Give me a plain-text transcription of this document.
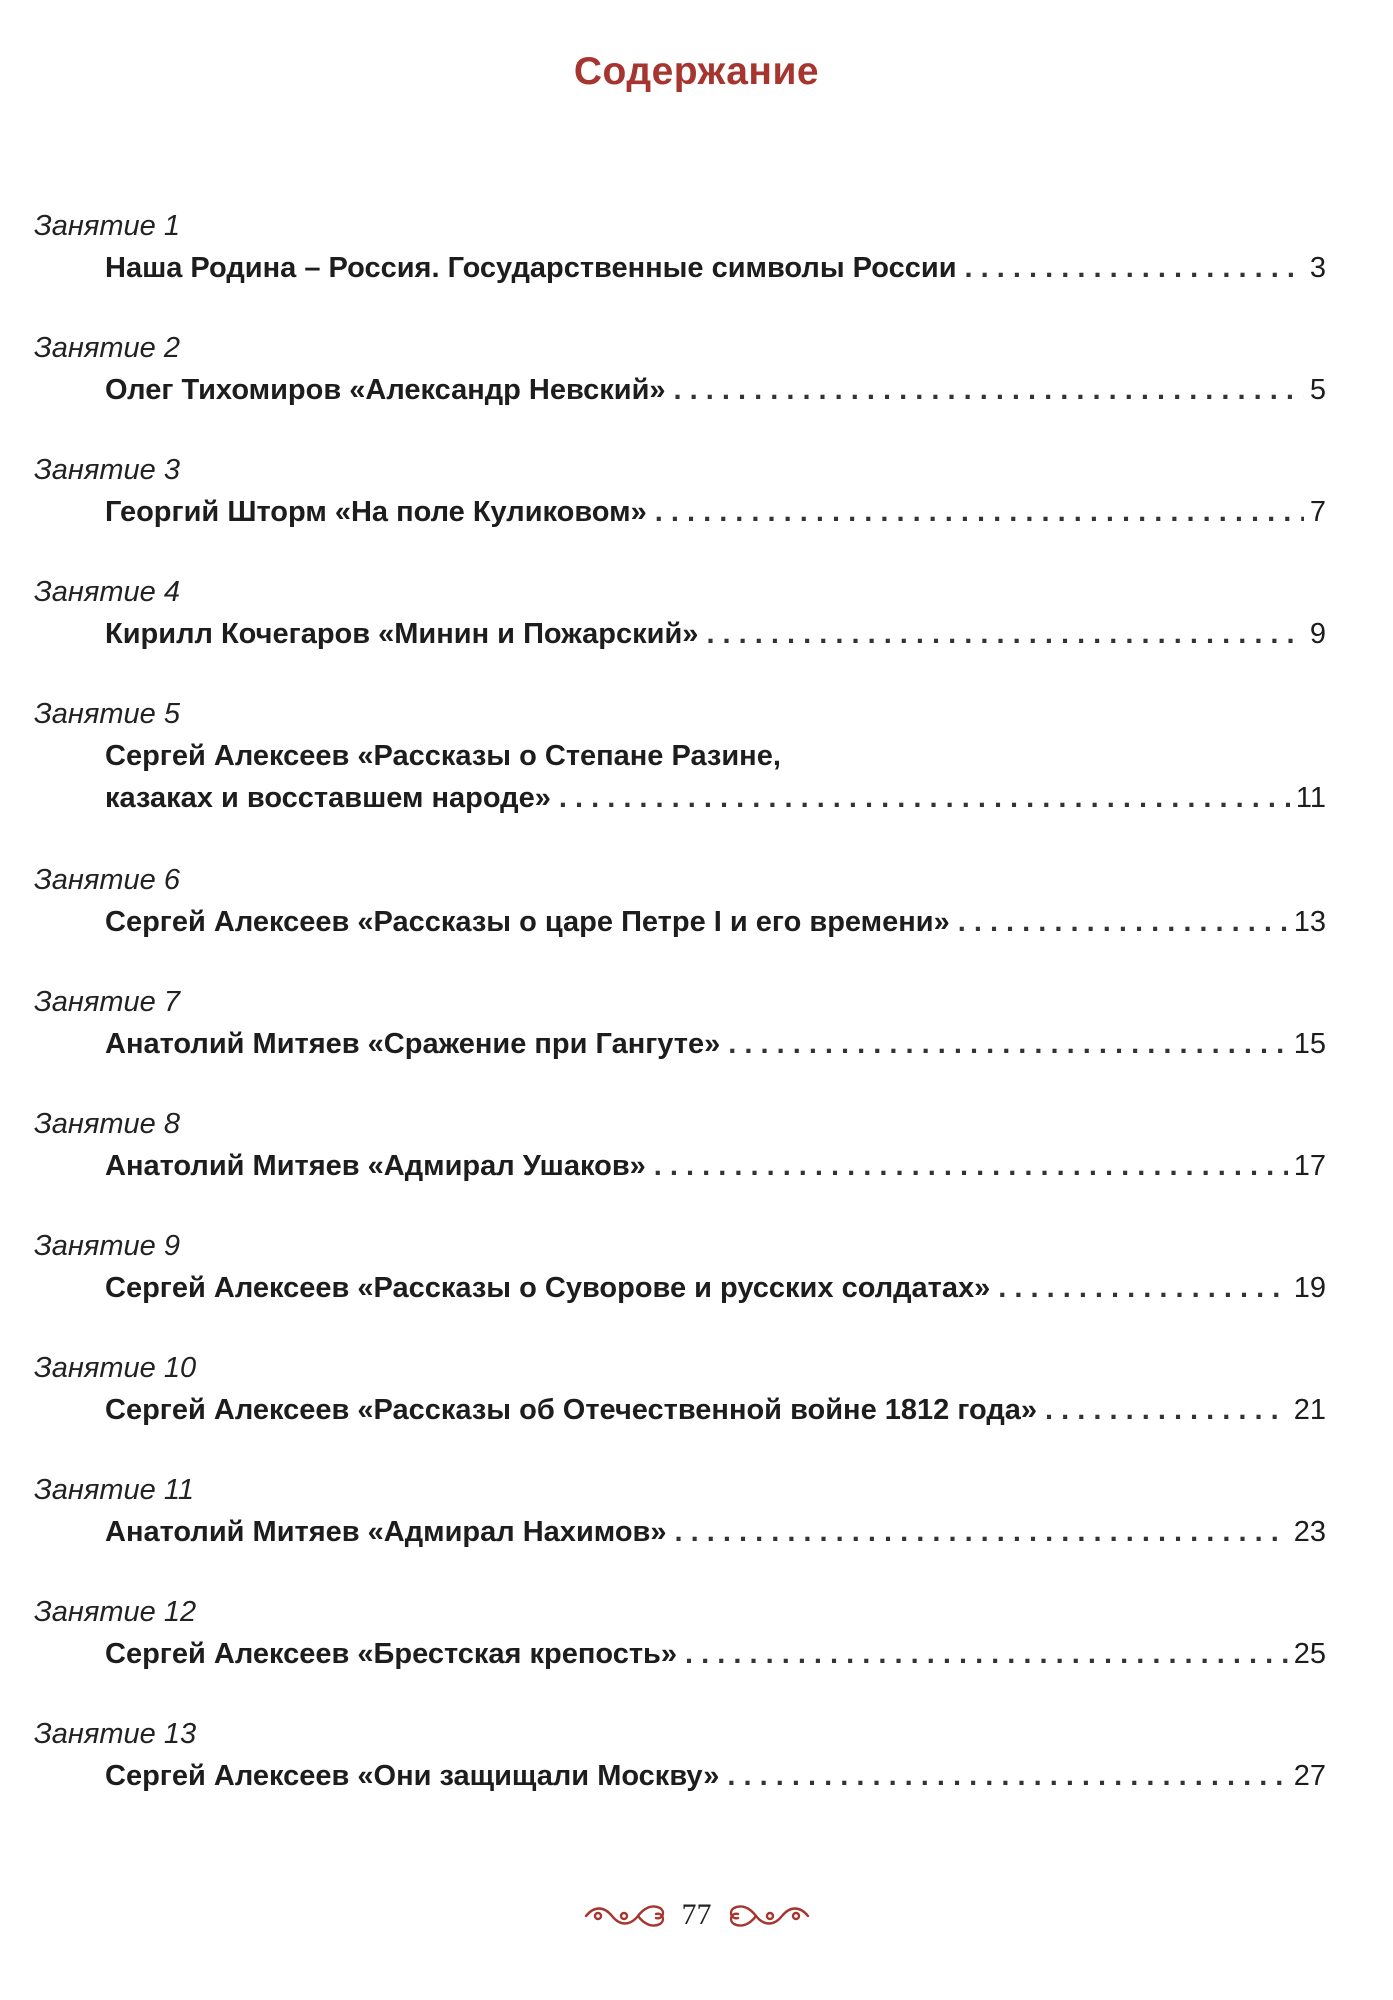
Содержание
Занятие 1
Наша Родина – Россия. Государственные символы России . . .	3
Занятие 2
Олег Тихомиров «Александр Невский» . . .	5
Занятие 3
Георгий Шторм «На поле Куликовом» . . .	7
Занятие 4
Кирилл Кочегаров «Минин и Пожарский» . . .	9
Занятие 5
Сергей Алексеев «Рассказы о Степане Разине,
казаках и восставшем народе» . . .	11
Занятие 6
Сергей Алексеев «Рассказы о царе Петре I и его времени» . . .	13
Занятие 7
Анатолий Митяев «Сражение при Гангуте» . . .	15
Занятие 8
Анатолий Митяев «Адмирал Ушаков» . . .	17
Занятие 9
Сергей Алексеев «Рассказы о Суворове и русских солдатах» . . .	19
Занятие 10
Сергей Алексеев «Рассказы об Отечественной войне 1812 года» . . .	21
Занятие 11
Анатолий Митяев «Адмирал Нахимов» . . .	23
Занятие 12
Сергей Алексеев «Брестская крепость» . . .	25
Занятие 13
Сергей Алексеев «Они защищали Москву» . . .	27
77
